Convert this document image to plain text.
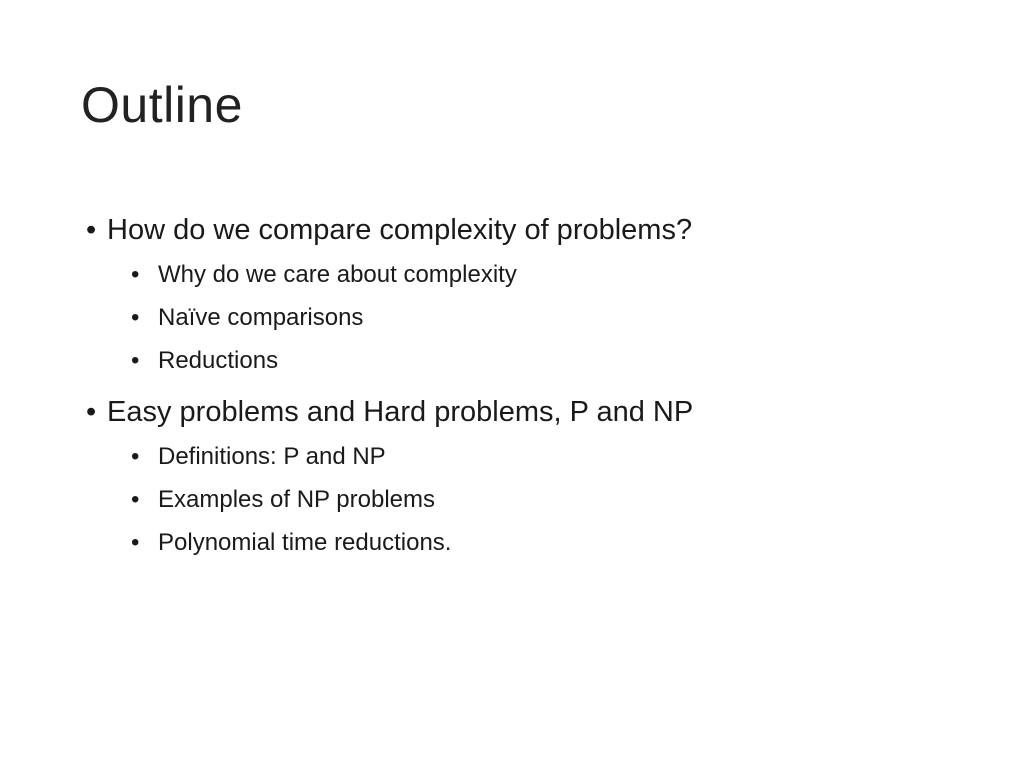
Outline
• How do we compare complexity of problems?
• Why do we care about complexity
• Naïve comparisons
• Reductions
• Easy problems and Hard problems, P and NP
• Definitions: P and NP
• Examples of NP problems
• Polynomial time reductions.
